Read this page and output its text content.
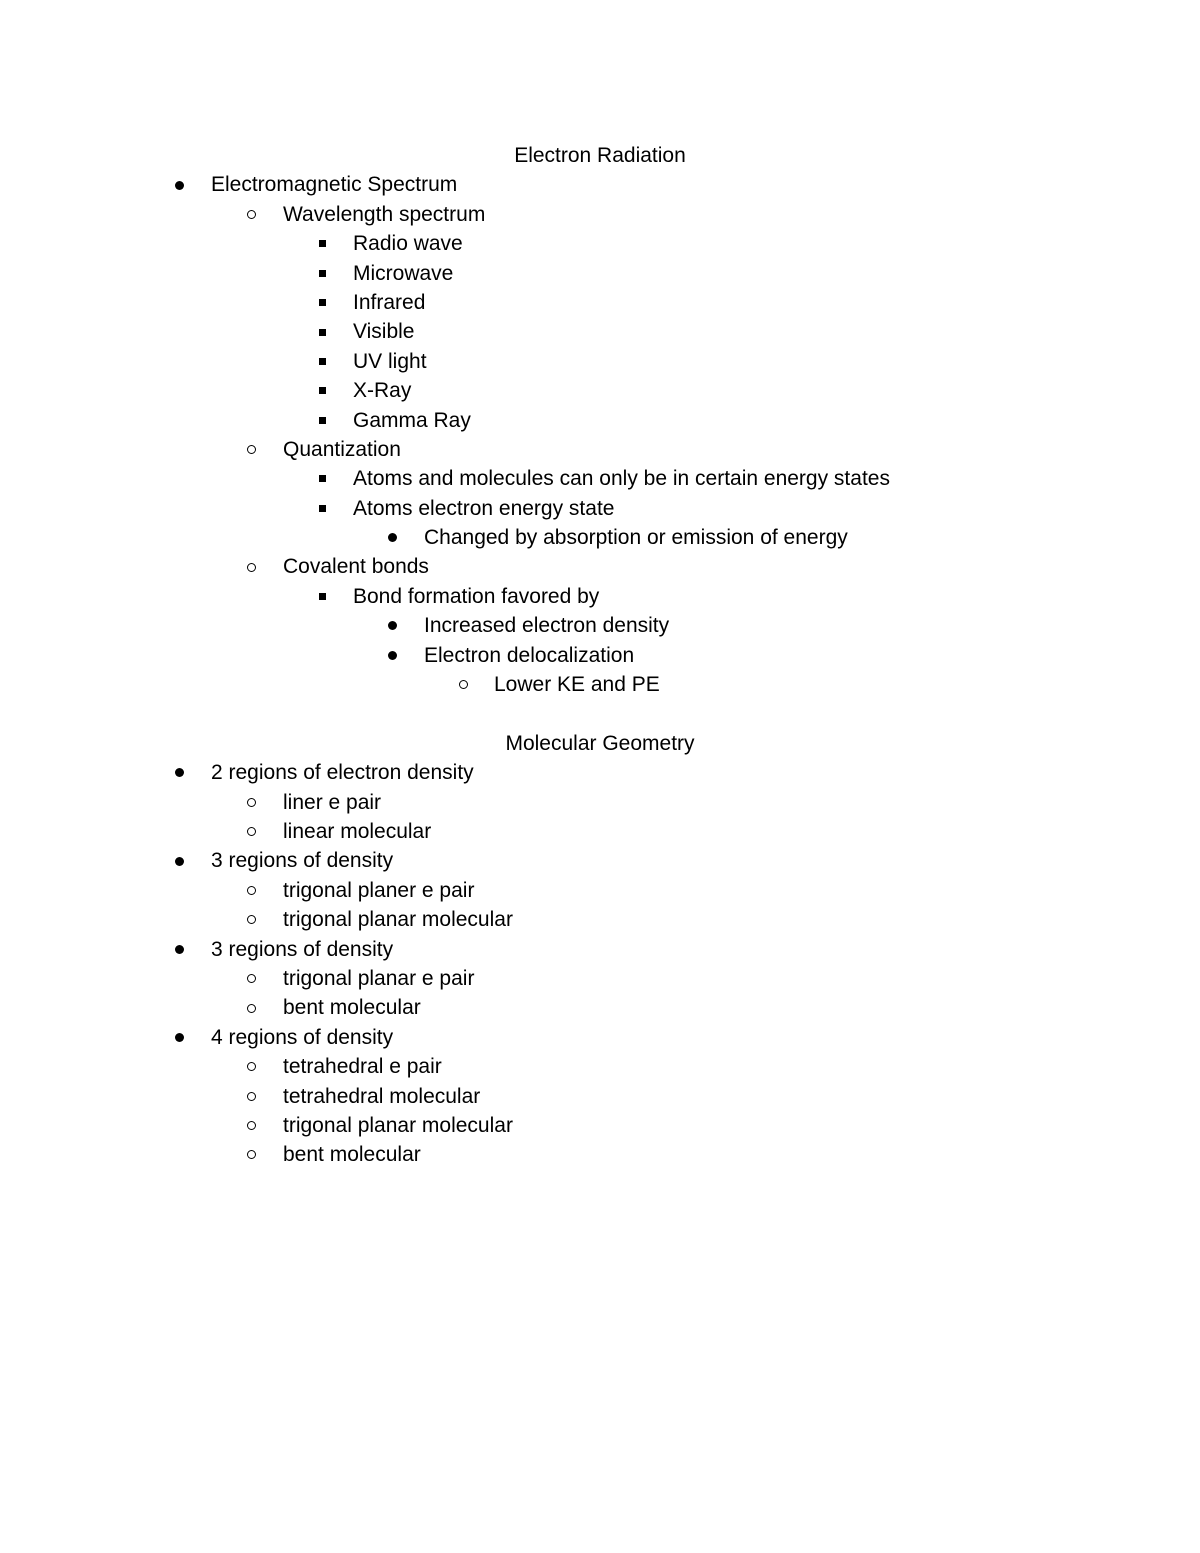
Electron Radiation
Electromagnetic Spectrum
Wavelength spectrum
Radio wave
Microwave
Infrared
Visible
UV light
X-Ray
Gamma Ray
Quantization
Atoms and molecules can only be in certain energy states
Atoms electron energy state
Changed by absorption or emission of energy
Covalent bonds
Bond formation favored by
Increased electron density
Electron delocalization
Lower KE and PE
Molecular Geometry
2 regions of electron density
liner e pair
linear molecular
3 regions of density
trigonal planer e pair
trigonal planar molecular
3 regions of density
trigonal planar e pair
bent molecular
4 regions of density
tetrahedral e pair
tetrahedral molecular
trigonal planar molecular
bent molecular
